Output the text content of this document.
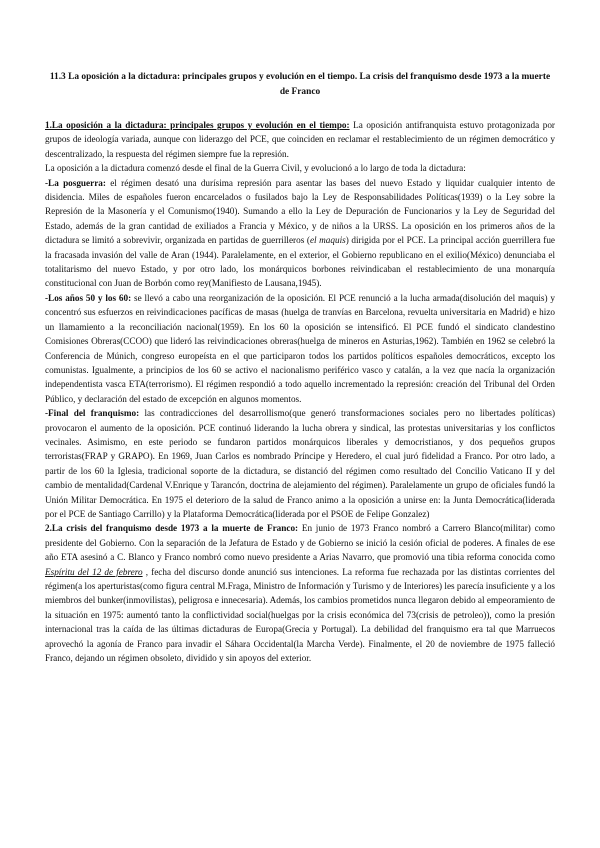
11.3 La oposición a la dictadura: principales grupos y evolución en el tiempo. La crisis del franquismo desde 1973 a la muerte de Franco

1.La oposición a la dictadura: principales grupos y evolución en el tiempo: La oposición antifranquista estuvo protagonizada por grupos de ideología variada, aunque con liderazgo del PCE, que coinciden en reclamar el restablecimiento de un régimen democrático y descentralizado, la respuesta del régimen siempre fue la represión.

La oposición a la dictadura comenzó desde el final de la Guerra Civil, y evolucionó a lo largo de toda la dictadura:

-La posguerra: el régimen desató una durísima represión para asentar las bases del nuevo Estado y liquidar cualquier intento de disidencia. Miles de españoles fueron encarcelados o fusilados bajo la Ley de Responsabilidades Políticas(1939) o la Ley sobre la Represión de la Masonería y el Comunismo(1940). Sumando a ello la Ley de Depuración de Funcionarios y la Ley de Seguridad del Estado, además de la gran cantidad de exiliados a Francia y México, y de niños a la URSS. La oposición en los primeros años de la dictadura se limitó a sobrevivir, organizada en partidas de guerrilleros (el maquis) dirigida por el PCE. La principal acción guerrillera fue la fracasada invasión del valle de Aran (1944). Paralelamente, en el exterior, el Gobierno republicano en el exilio(México) denunciaba el totalitarismo del nuevo Estado, y por otro lado, los monárquicos borbones reivindicaban el restablecimiento de una monarquía constitucional con Juan de Borbón como rey(Manifiesto de Lausana,1945).

-Los años 50 y los 60: se llevó a cabo una reorganización de la oposición. El PCE renunció a la lucha armada(disolución del maquis) y concentró sus esfuerzos en reivindicaciones pacíficas de masas (huelga de tranvías en Barcelona, revuelta universitaria en Madrid) e hizo un llamamiento a la reconciliación nacional(1959). En los 60 la oposición se intensificó. El PCE fundó el sindicato clandestino Comisiones Obreras(CCOO) que lideró las reivindicaciones obreras(huelga de mineros en Asturias,1962). También en 1962 se celebró la Conferencia de Múnich, congreso europeísta en el que participaron todos los partidos políticos españoles democráticos, excepto los comunistas. Igualmente, a principios de los 60 se activo el nacionalismo periférico vasco y catalán, a la vez que nacía la organización independentista vasca ETA(terrorismo). El régimen respondió a todo aquello incrementado la represión: creación del Tribunal del Orden Público, y declaración del estado de excepción en algunos momentos.

-Final del franquismo: las contradicciones del desarrollismo(que generó transformaciones sociales pero no libertades políticas) provocaron el aumento de la oposición. PCE continuó liderando la lucha obrera y sindical, las protestas universitarias y los conflictos vecinales. Asimismo, en este periodo se fundaron partidos monárquicos liberales y democristianos, y dos pequeños grupos terroristas(FRAP y GRAPO). En 1969, Juan Carlos es nombrado Príncipe y Heredero, el cual juró fidelidad a Franco. Por otro lado, a partir de los 60 la Iglesia, tradicional soporte de la dictadura, se distanció del régimen como resultado del Concilio Vaticano II y del cambio de mentalidad(Cardenal V.Enrique y Tarancón, doctrina de alejamiento del régimen). Paralelamente un grupo de oficiales fundó la Unión Militar Democrática. En 1975 el deterioro de la salud de Franco animo a la oposición a unirse en: la Junta Democrática(liderada por el PCE de Santiago Carrillo) y la Plataforma Democrática(liderada por el PSOE de Felipe Gonzalez)

2.La crisis del franquismo desde 1973 a la muerte de Franco: En junio de 1973 Franco nombró a Carrero Blanco(militar) como presidente del Gobierno. Con la separación de la Jefatura de Estado y de Gobierno se inició la cesión oficial de poderes. A finales de ese año ETA asesinó a C. Blanco y Franco nombró como nuevo presidente a Arias Navarro, que promovió una tibia reforma conocida como Espíritu del 12 de febrero , fecha del discurso donde anunció sus intenciones. La reforma fue rechazada por las distintas corrientes del régimen(a los aperturistas(como figura central M.Fraga, Ministro de Información y Turismo y de Interiores) les parecía insuficiente y a los miembros del bunker(inmovilistas), peligrosa e innecesaria). Además, los cambios prometidos nunca llegaron debido al empeoramiento de la situación en 1975: aumentó tanto la conflictividad social(huelgas por la crisis económica del 73(crisis de petroleo)), como la presión internacional tras la caída de las últimas dictaduras de Europa(Grecia y Portugal). La debilidad del franquismo era tal que Marruecos aprovechó la agonía de Franco para invadir el Sáhara Occidental(la Marcha Verde). Finalmente, el 20 de noviembre de 1975 falleció Franco, dejando un régimen obsoleto, dividido y sin apoyos del exterior.
